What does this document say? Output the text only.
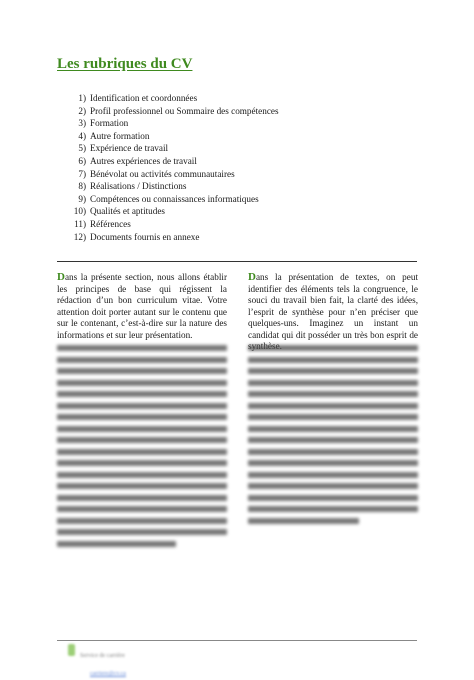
Les rubriques du CV
1) Identification et coordonnées
2) Profil professionnel ou Sommaire des compétences
3) Formation
4) Autre formation
5) Expérience de travail
6) Autres expériences de travail
7) Bénévolat ou activités communautaires
8) Réalisations / Distinctions
9) Compétences ou connaissances informatiques
10) Qualités et aptitudes
11) Références
12) Documents fournis en annexe
Dans la présente section, nous allons établir les principes de base qui régissent la rédaction d’un bon curriculum vitae. Votre attention doit porter autant sur le contenu que sur le contenant, c’est-à-dire sur la nature des informations et sur leur présentation.
Dans la présentation de textes, on peut identifier des éléments tels la congruence, le souci du travail bien fait, la clarté des idées, l’esprit de synthèse pour n’en préciser que quelques-uns. Imaginez un instant un candidat qui dit posséder un très bon esprit de
Service de carrière
carriere@cv.ca
